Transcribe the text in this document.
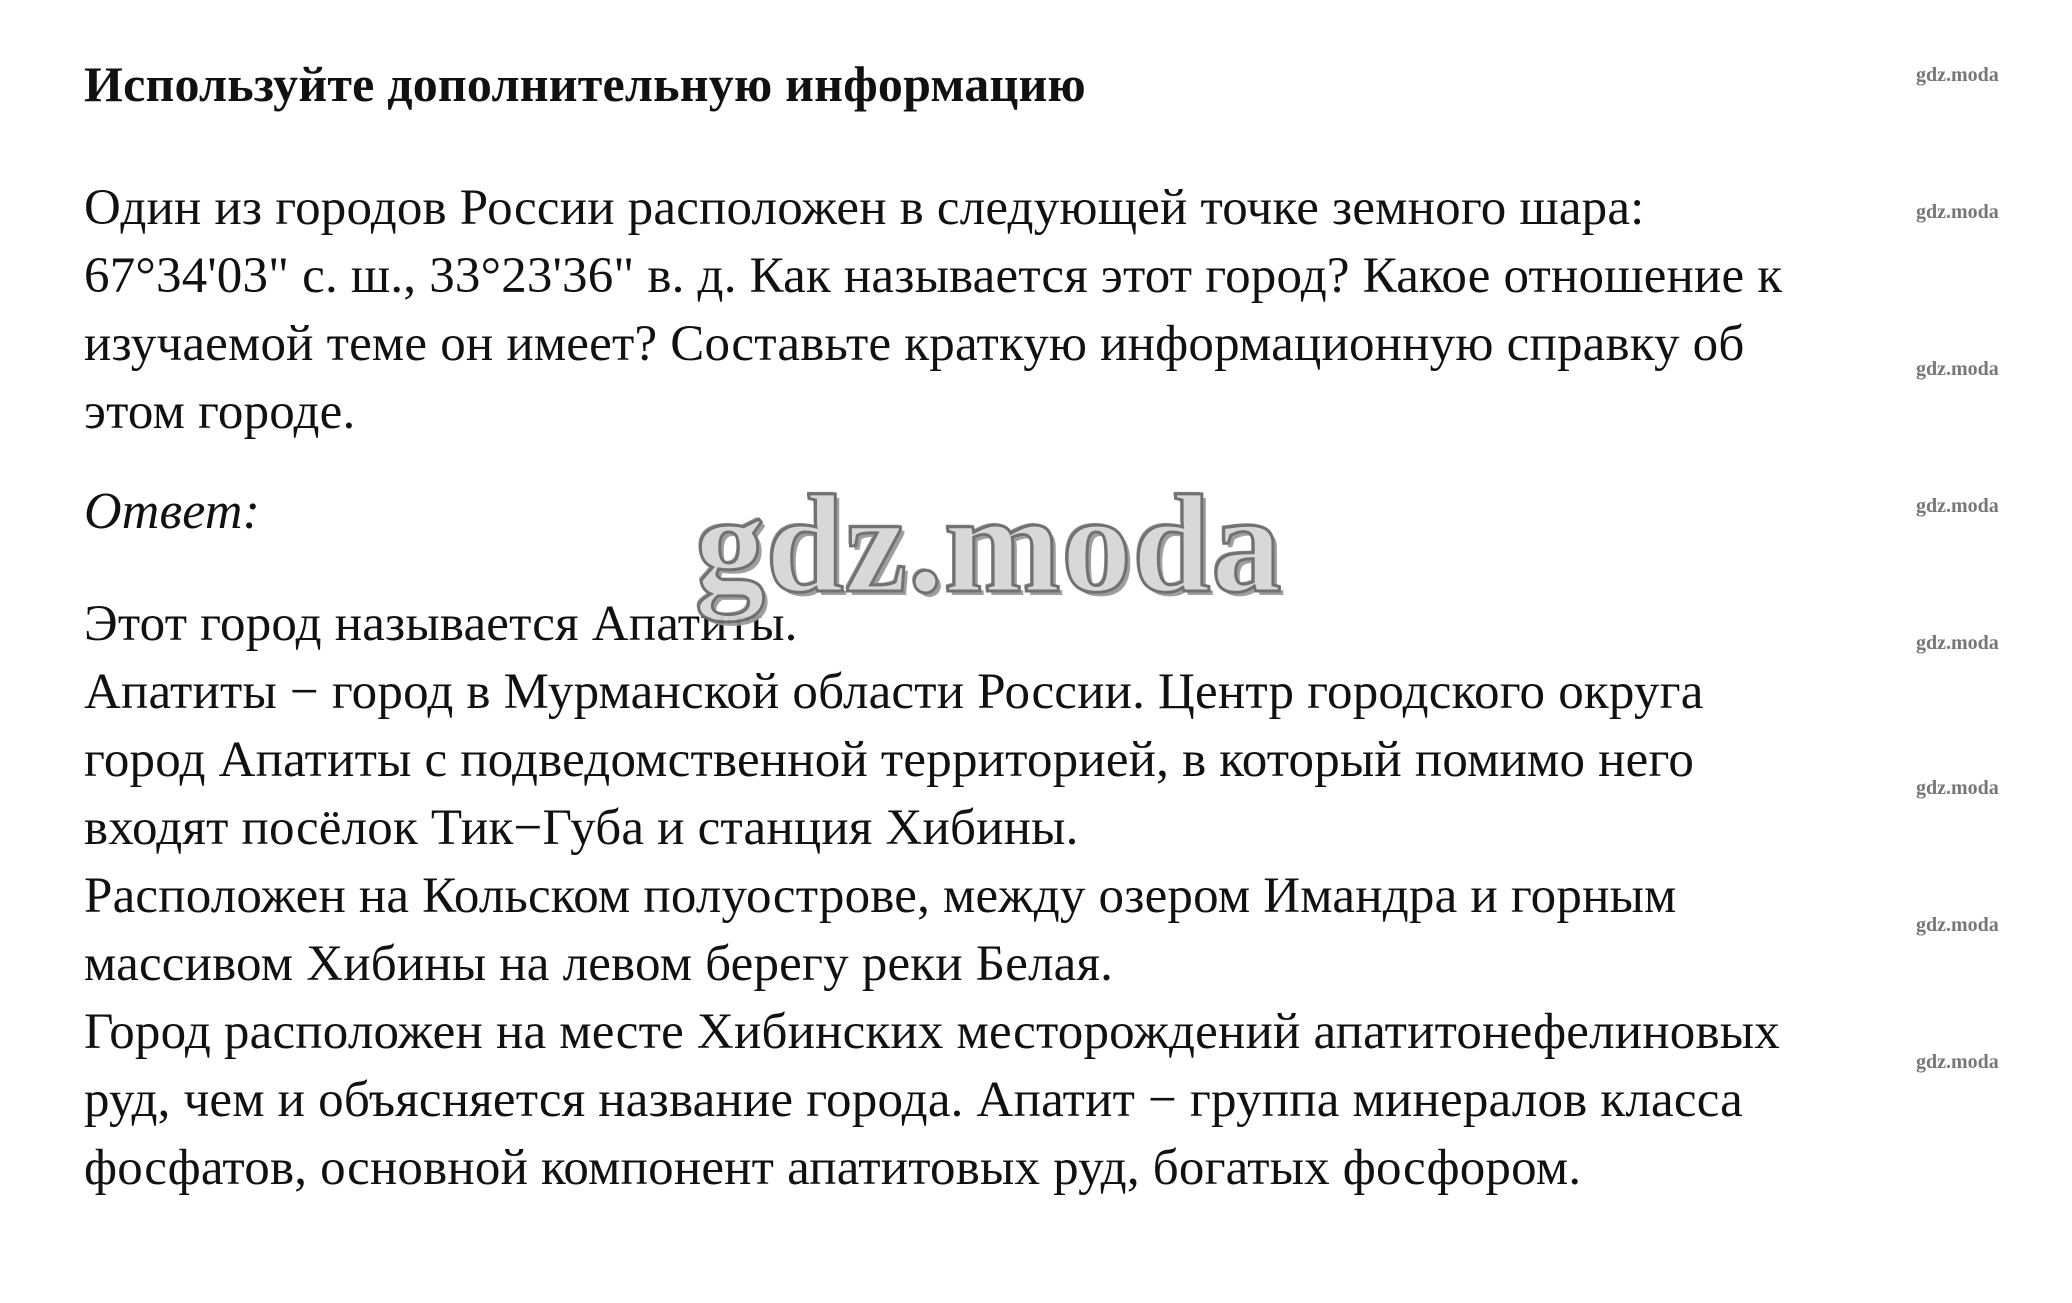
Используйте дополнительную информацию
Один из городов России расположен в следующей точке земного шара:
67°34'03" с. ш., 33°23'36" в. д. Как называется этот город? Какое отношение к
изучаемой теме он имеет? Составьте краткую информационную справку об
этом городе.
Ответ:
Этот город называется Апатиты.
Апатиты − город в Мурманской области России. Центр городского округа
город Апатиты с подведомственной территорией, в который помимо него
входят посёлок Тик−Губа и станция Хибины.
Расположен на Кольском полуострове, между озером Имандра и горным
массивом Хибины на левом берегу реки Белая.
Город расположен на месте Хибинских месторождений апатитонефелиновых
руд, чем и объясняется название города. Апатит − группа минералов класса
фосфатов, основной компонент апатитовых руд, богатых фосфором.
gdz.moda
gdz.moda
gdz.moda
gdz.moda
gdz.moda
gdz.moda
gdz.moda
gdz.moda
gdz.moda
